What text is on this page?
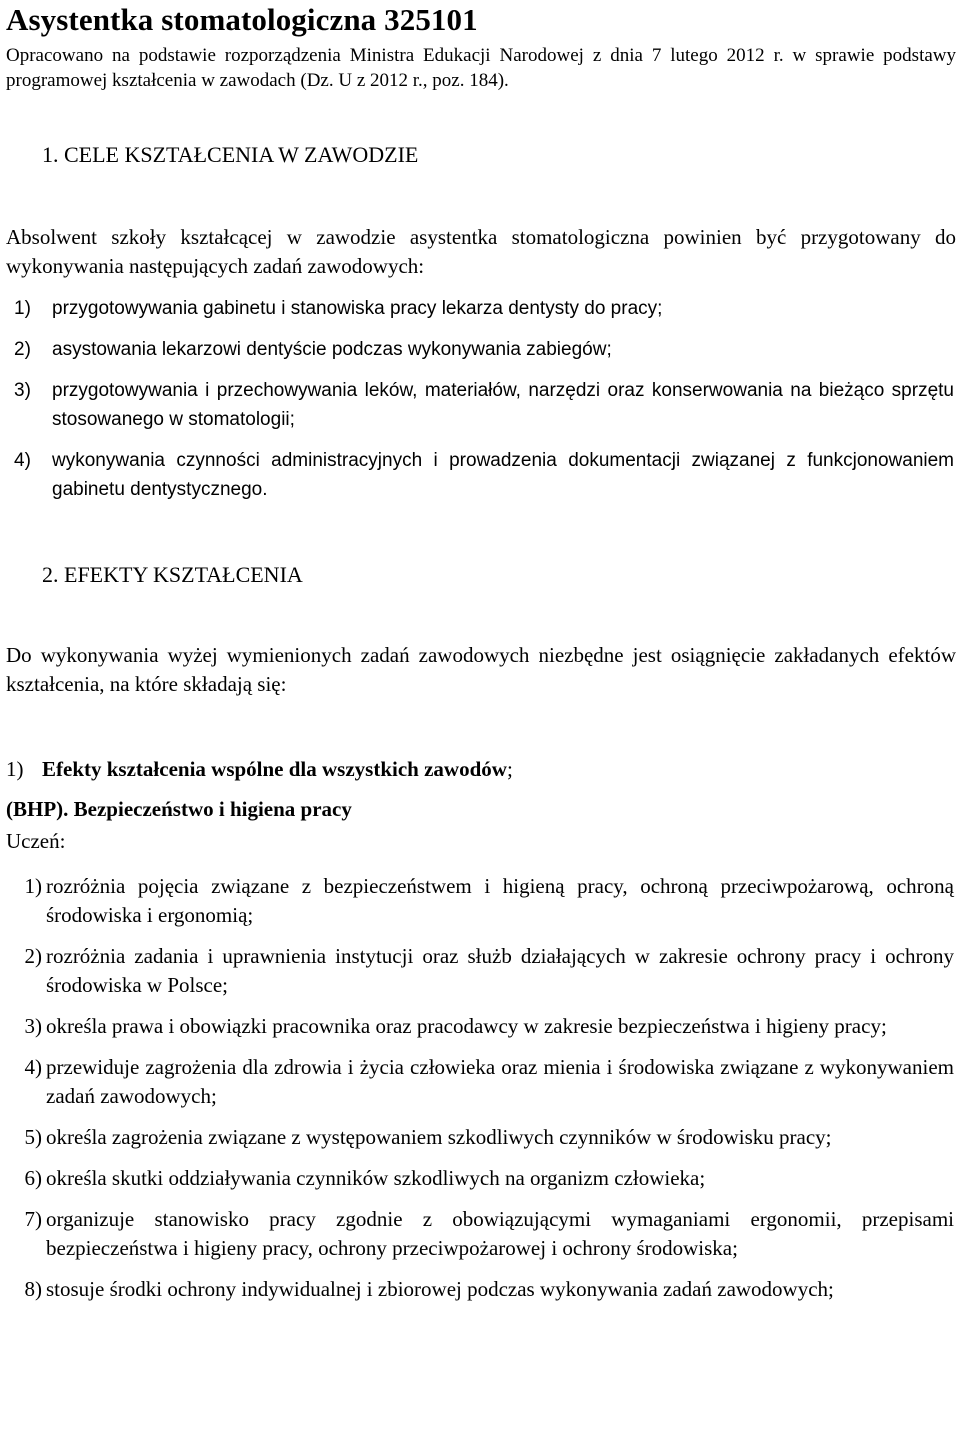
Asystentka stomatologiczna 325101
Opracowano na podstawie rozporządzenia Ministra Edukacji Narodowej z dnia 7 lutego 2012 r. w sprawie podstawy programowej kształcenia w zawodach (Dz. U z 2012 r., poz. 184).
1. CELE KSZTAŁCENIA W ZAWODZIE

Absolwent szkoły kształcącej w zawodzie asystentka stomatologiczna powinien być przygotowany do wykonywania następujących zadań zawodowych:

1)	przygotowywania gabinetu i stanowiska pracy lekarza dentysty do pracy;
2)	asystowania lekarzowi dentyście podczas wykonywania zabiegów;
3)	przygotowywania i przechowywania leków, materiałów, narzędzi oraz konserwowania na bieżąco sprzętu stosowanego w stomatologii;
4)	wykonywania czynności administracyjnych i prowadzenia dokumentacji związanej z funkcjonowaniem gabinetu dentystycznego.
2. EFEKTY KSZTAŁCENIA

Do wykonywania wyżej wymienionych zadań zawodowych niezbędne jest osiągnięcie zakładanych efektów kształcenia, na które składają się:

1) Efekty kształcenia wspólne dla wszystkich zawodów;
(BHP). Bezpieczeństwo i higiena pracy
Uczeń:
1) rozróżnia pojęcia związane z bezpieczeństwem i higieną pracy, ochroną przeciwpożarową, ochroną środowiska i ergonomią;
2) rozróżnia zadania i uprawnienia instytucji oraz służb działających w zakresie ochrony pracy i ochrony środowiska w Polsce;
3) określa prawa i obowiązki pracownika oraz pracodawcy w zakresie bezpieczeństwa i higieny pracy;
4) przewiduje zagrożenia dla zdrowia i życia człowieka oraz mienia i środowiska związane z wykonywaniem zadań zawodowych;
5) określa zagrożenia związane z występowaniem szkodliwych czynników w środowisku pracy;
6) określa skutki oddziaływania czynników szkodliwych na organizm człowieka;
7) organizuje stanowisko pracy zgodnie z obowiązującymi wymaganiami ergonomii, przepisami bezpieczeństwa i higieny pracy, ochrony przeciwpożarowej i ochrony środowiska;
8) stosuje środki ochrony indywidualnej i zbiorowej podczas wykonywania zadań zawodowych;
